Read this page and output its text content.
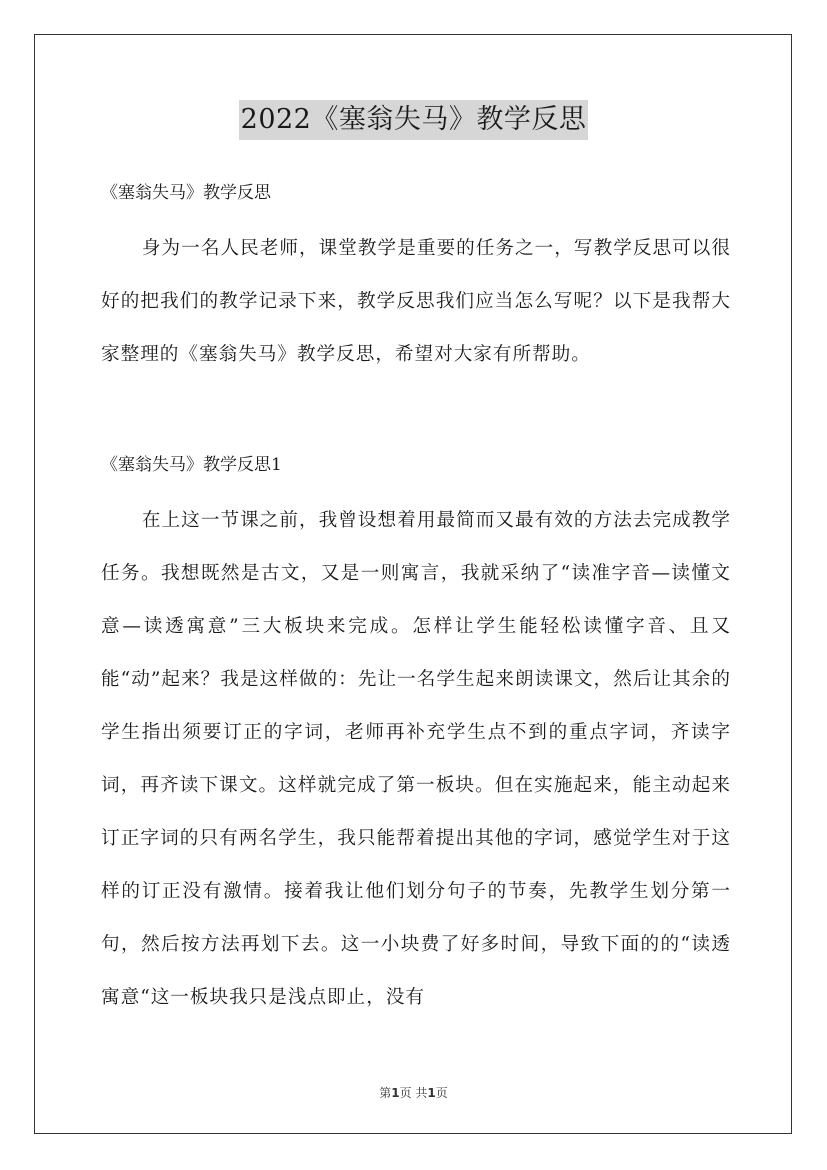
2022《塞翁失马》教学反思

《塞翁失马》教学反思

身为一名人民老师，课堂教学是重要的任务之一，写教学反思可以很好的把我们的教学记录下来，教学反思我们应当怎么写呢？以下是我帮大家整理的《塞翁失马》教学反思，希望对大家有所帮助。

《塞翁失马》教学反思1

在上这一节课之前，我曾设想着用最简而又最有效的方法去完成教学任务。我想既然是古文，又是一则寓言，我就采纳了“读准字音—读懂文意—读透寓意”三大板块来完成。怎样让学生能轻松读懂字音、且又能“动”起来？我是这样做的：先让一名学生起来朗读课文，然后让其余的学生指出须要订正的字词，老师再补充学生点不到的重点字词，齐读字词，再齐读下课文。这样就完成了第一板块。但在实施起来，能主动起来订正字词的只有两名学生，我只能帮着提出其他的字词，感觉学生对于这样的订正没有激情。接着我让他们划分句子的节奏，先教学生划分第一句，然后按方法再划下去。这一小块费了好多时间，导致下面的的“读透寓意“这一板块我只是浅点即止，没有

第1页 共1页
